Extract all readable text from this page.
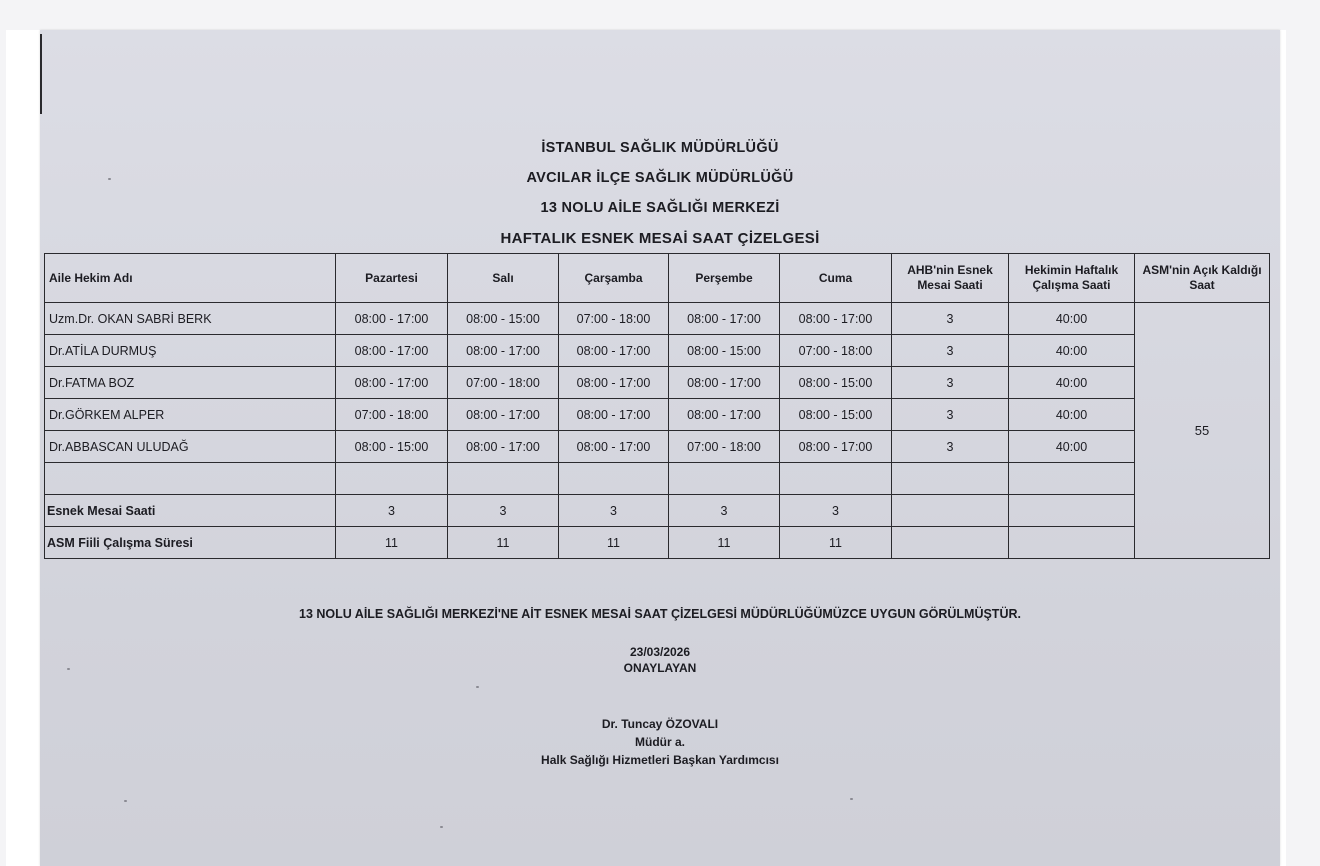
İSTANBUL SAĞLIK MÜDÜRLÜĞÜ
AVCILAR İLÇE SAĞLIK MÜDÜRLÜĞÜ
13 NOLU AİLE SAĞLIĞI MERKEZİ
HAFTALIK ESNEK MESAİ SAAT ÇİZELGESİ
Aile Hekim Adı	Pazartesi	Salı	Çarşamba	Perşembe	Cuma	AHB'nin Esnek Mesai Saati	Hekimin Haftalık Çalışma Saati	ASM'nin Açık Kaldığı Saat
Uzm.Dr. OKAN SABRİ BERK	08:00 - 17:00	08:00 - 15:00	07:00 - 18:00	08:00 - 17:00	08:00 - 17:00	3	40:00	55
Dr.ATİLA DURMUŞ	08:00 - 17:00	08:00 - 17:00	08:00 - 17:00	08:00 - 15:00	07:00 - 18:00	3	40:00	
Dr.FATMA BOZ	08:00 - 17:00	07:00 - 18:00	08:00 - 17:00	08:00 - 17:00	08:00 - 15:00	3	40:00	
Dr.GÖRKEM ALPER	07:00 - 18:00	08:00 - 17:00	08:00 - 17:00	08:00 - 17:00	08:00 - 15:00	3	40:00	
Dr.ABBASCAN ULUDAĞ	08:00 - 15:00	08:00 - 17:00	08:00 - 17:00	07:00 - 18:00	08:00 - 17:00	3	40:00	

Esnek Mesai Saati	3	3	3	3	3			
ASM Fiili Çalışma Süresi	11	11	11	11	11			
13 NOLU AİLE SAĞLIĞI MERKEZİ'NE AİT ESNEK MESAİ SAAT ÇİZELGESİ MÜDÜRLÜĞÜMÜZCE UYGUN GÖRÜLMÜŞTÜR.
23/03/2026
ONAYLAYAN
Dr. Tuncay ÖZOVALI
Müdür a.
Halk Sağlığı Hizmetleri Başkan Yardımcısı
